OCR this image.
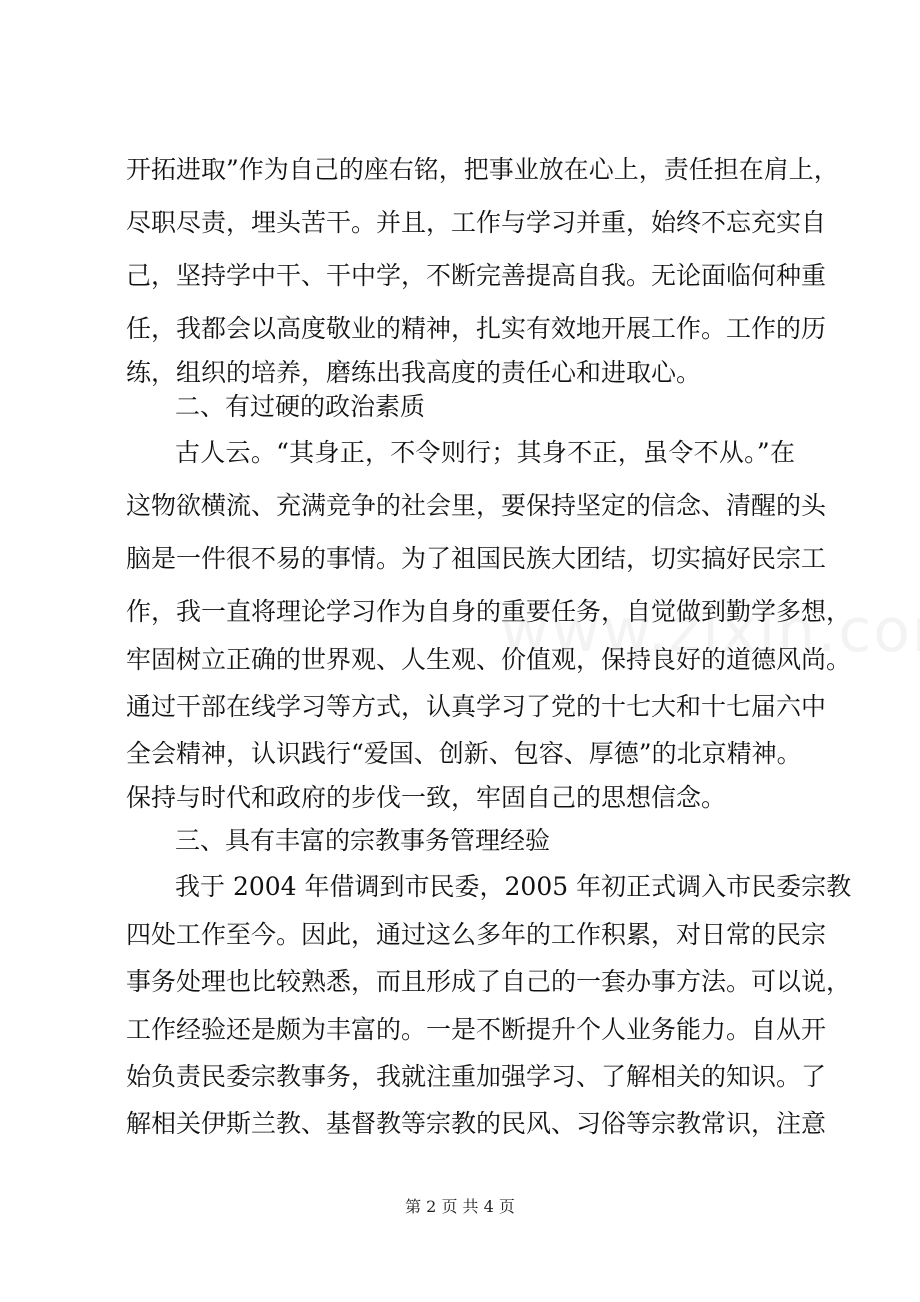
开拓进取”作为自己的座右铭，把事业放在心上，责任担在肩上，
尽职尽责，埋头苦干。并且，工作与学习并重，始终不忘充实自
己，坚持学中干、干中学，不断完善提高自我。无论面临何种重
任，我都会以高度敬业的精神，扎实有效地开展工作。工作的历
练，组织的培养，磨练出我高度的责任心和进取心。
二、有过硬的政治素质
古人云。“其身正，不令则行；其身不正，虽令不从。”在
这物欲横流、充满竞争的社会里，要保持坚定的信念、清醒的头
脑是一件很不易的事情。为了祖国民族大团结，切实搞好民宗工
作，我一直将理论学习作为自身的重要任务，自觉做到勤学多想，
牢固树立正确的世界观、人生观、价值观，保持良好的道德风尚。
通过干部在线学习等方式，认真学习了党的十七大和十七届六中
全会精神，认识践行“爱国、创新、包容、厚德”的北京精神。
保持与时代和政府的步伐一致，牢固自己的思想信念。
三、具有丰富的宗教事务管理经验
我于 2004 年借调到市民委，2005 年初正式调入市民委宗教
四处工作至今。因此，通过这么多年的工作积累，对日常的民宗
事务处理也比较熟悉，而且形成了自己的一套办事方法。可以说，
工作经验还是颇为丰富的。一是不断提升个人业务能力。自从开
始负责民委宗教事务，我就注重加强学习、了解相关的知识。了
解相关伊斯兰教、基督教等宗教的民风、习俗等宗教常识，注意
第 2 页 共 4 页
